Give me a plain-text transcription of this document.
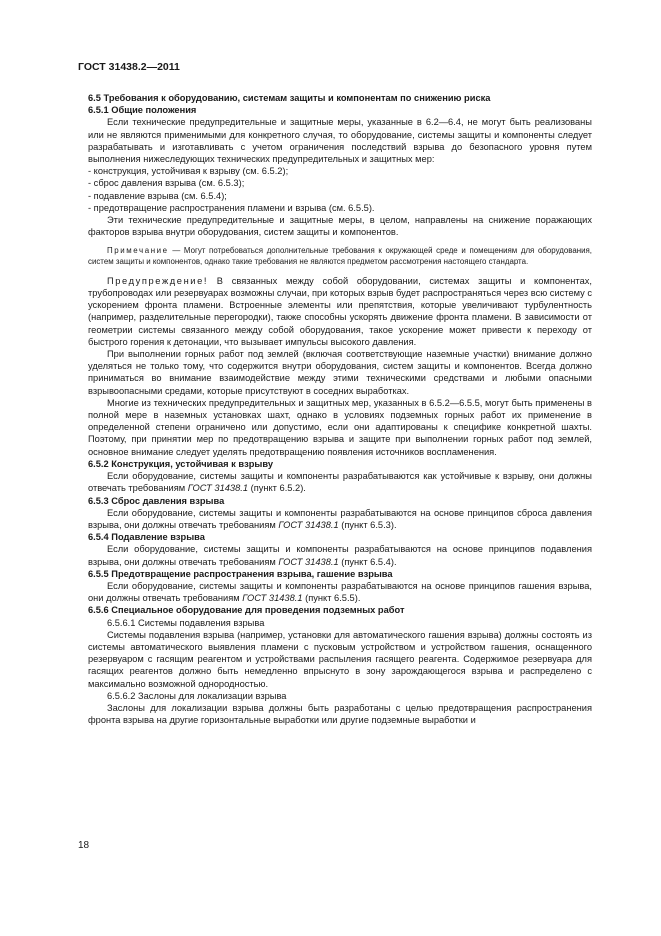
ГОСТ 31438.2—2011

6.5 Требования к оборудованию, системам защиты и компонентам по снижению риска

6.5.1 Общие положения

Если технические предупредительные и защитные меры, указанные в 6.2—6.4, не могут быть реализованы или не являются применимыми для конкретного случая, то оборудование, системы защиты и компоненты следует разрабатывать и изготавливать с учетом ограничения последствий взрыва до безопасного уровня путем выполнения нижеследующих технических предупредительных и защитных мер:

- конструкция, устойчивая к взрыву (см. 6.5.2);

- сброс давления взрыва (см. 6.5.3);

- подавление взрыва (см. 6.5.4);

- предотвращение распространения пламени и взрыва (см. 6.5.5).

Эти технические предупредительные и защитные меры, в целом, направлены на снижение поражающих факторов взрыва внутри оборудования, систем защиты и компонентов.

Примечание — Могут потребоваться дополнительные требования к окружающей среде и помещениям для оборудования, систем защиты и компонентов, однако такие требования не являются предметом рассмотрения настоящего стандарта.

Предупреждение! В связанных между собой оборудовании, системах защиты и компонентах, трубопроводах или резервуарах возможны случаи, при которых взрыв будет распространяться через всю систему с ускорением фронта пламени. Встроенные элементы или препятствия, которые увеличивают турбулентность (например, разделительные перегородки), также способны ускорять движение фронта пламени. В зависимости от геометрии системы связанного между собой оборудования, такое ускорение может привести к переходу от быстрого горения к детонации, что вызывает импульсы высокого давления.

При выполнении горных работ под землей (включая соответствующие наземные участки) внимание должно уделяться не только тому, что содержится внутри оборудования, систем защиты и компонентов. Всегда должно приниматься во внимание взаимодействие между этими техническими средствами и любыми опасными взрывоопасными средами, которые присутствуют в соседних выработках.

Многие из технических предупредительных и защитных мер, указанных в 6.5.2—6.5.5, могут быть применены в полной мере в наземных установках шахт, однако в условиях подземных горных работ их применение в определенной степени ограничено или допустимо, если они адаптированы к специфике конкретной шахты. Поэтому, при принятии мер по предотвращению взрыва и защите при выполнении горных работ под землей, основное внимание следует уделять предотвращению появления источников воспламенения.

6.5.2 Конструкция, устойчивая к взрыву

Если оборудование, системы защиты и компоненты разрабатываются как устойчивые к взрыву, они должны отвечать требованиям ГОСТ 31438.1 (пункт 6.5.2).

6.5.3 Сброс давления взрыва

Если оборудование, системы защиты и компоненты разрабатываются на основе принципов сброса давления взрыва, они должны отвечать требованиям ГОСТ 31438.1 (пункт 6.5.3).

6.5.4 Подавление взрыва

Если оборудование, системы защиты и компоненты разрабатываются на основе принципов подавления взрыва, они должны отвечать требованиям ГОСТ 31438.1 (пункт 6.5.4).

6.5.5 Предотвращение распространения взрыва, гашение взрыва

Если оборудование, системы защиты и компоненты разрабатываются на основе принципов гашения взрыва, они должны отвечать требованиям ГОСТ 31438.1 (пункт 6.5.5).

6.5.6 Специальное оборудование для проведения подземных работ

6.5.6.1 Системы подавления взрыва

Системы подавления взрыва (например, установки для автоматического гашения взрыва) должны состоять из системы автоматического выявления пламени с пусковым устройством и устройством гашения, оснащенного резервуаром с гасящим реагентом и устройствами распыления гасящего реагента. Содержимое резервуара для гасящих реагентов должно быть немедленно впрыснуто в зону зарождающегося взрыва и распределено с максимально возможной однородностью.

6.5.6.2 Заслоны для локализации взрыва

Заслоны для локализации взрыва должны быть разработаны с целью предотвращения распространения фронта взрыва на другие горизонтальные выработки или другие подземные выработки и

18
